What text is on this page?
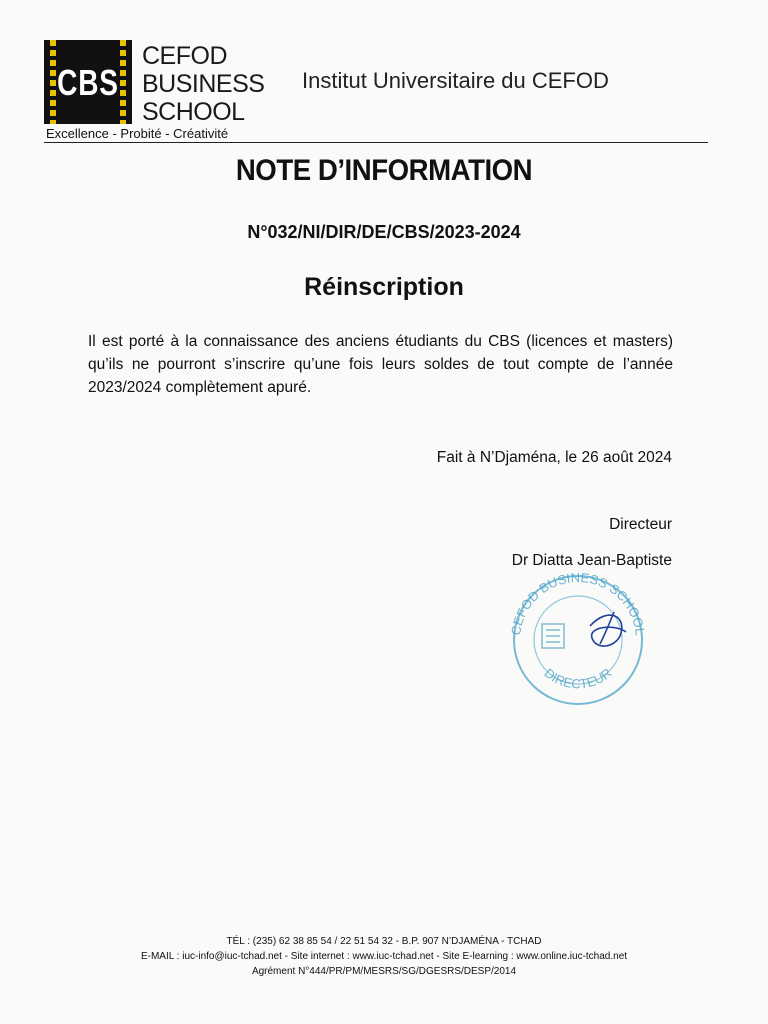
CBS
CEFOD
BUSINESS
SCHOOL
Excellence - Probité - Créativité
Institut Universitaire du CEFOD
NOTE D’INFORMATION
N°032/NI/DIR/DE/CBS/2023-2024
Réinscription
Il est porté à la connaissance des anciens étudiants du CBS (licences et masters) qu’ils ne pourront s’inscrire qu’une fois leurs soldes de tout compte de l’année 2023/2024 complètement apuré.
Fait à N’Djaména, le 26 août 2024
Directeur
Dr Diatta Jean-Baptiste
CEFOD BUSINESS SCHOOL
DIRECTEUR
TÉL : (235) 62 38 85 54 / 22 51 54 32 - B.P. 907 N’DJAMÉNA - TCHAD
E-MAIL : iuc-info@iuc-tchad.net - Site internet : www.iuc-tchad.net - Site E-learning : www.online.iuc-tchad.net
Agrément N°444/PR/PM/MESRS/SG/DGESRS/DESP/2014
